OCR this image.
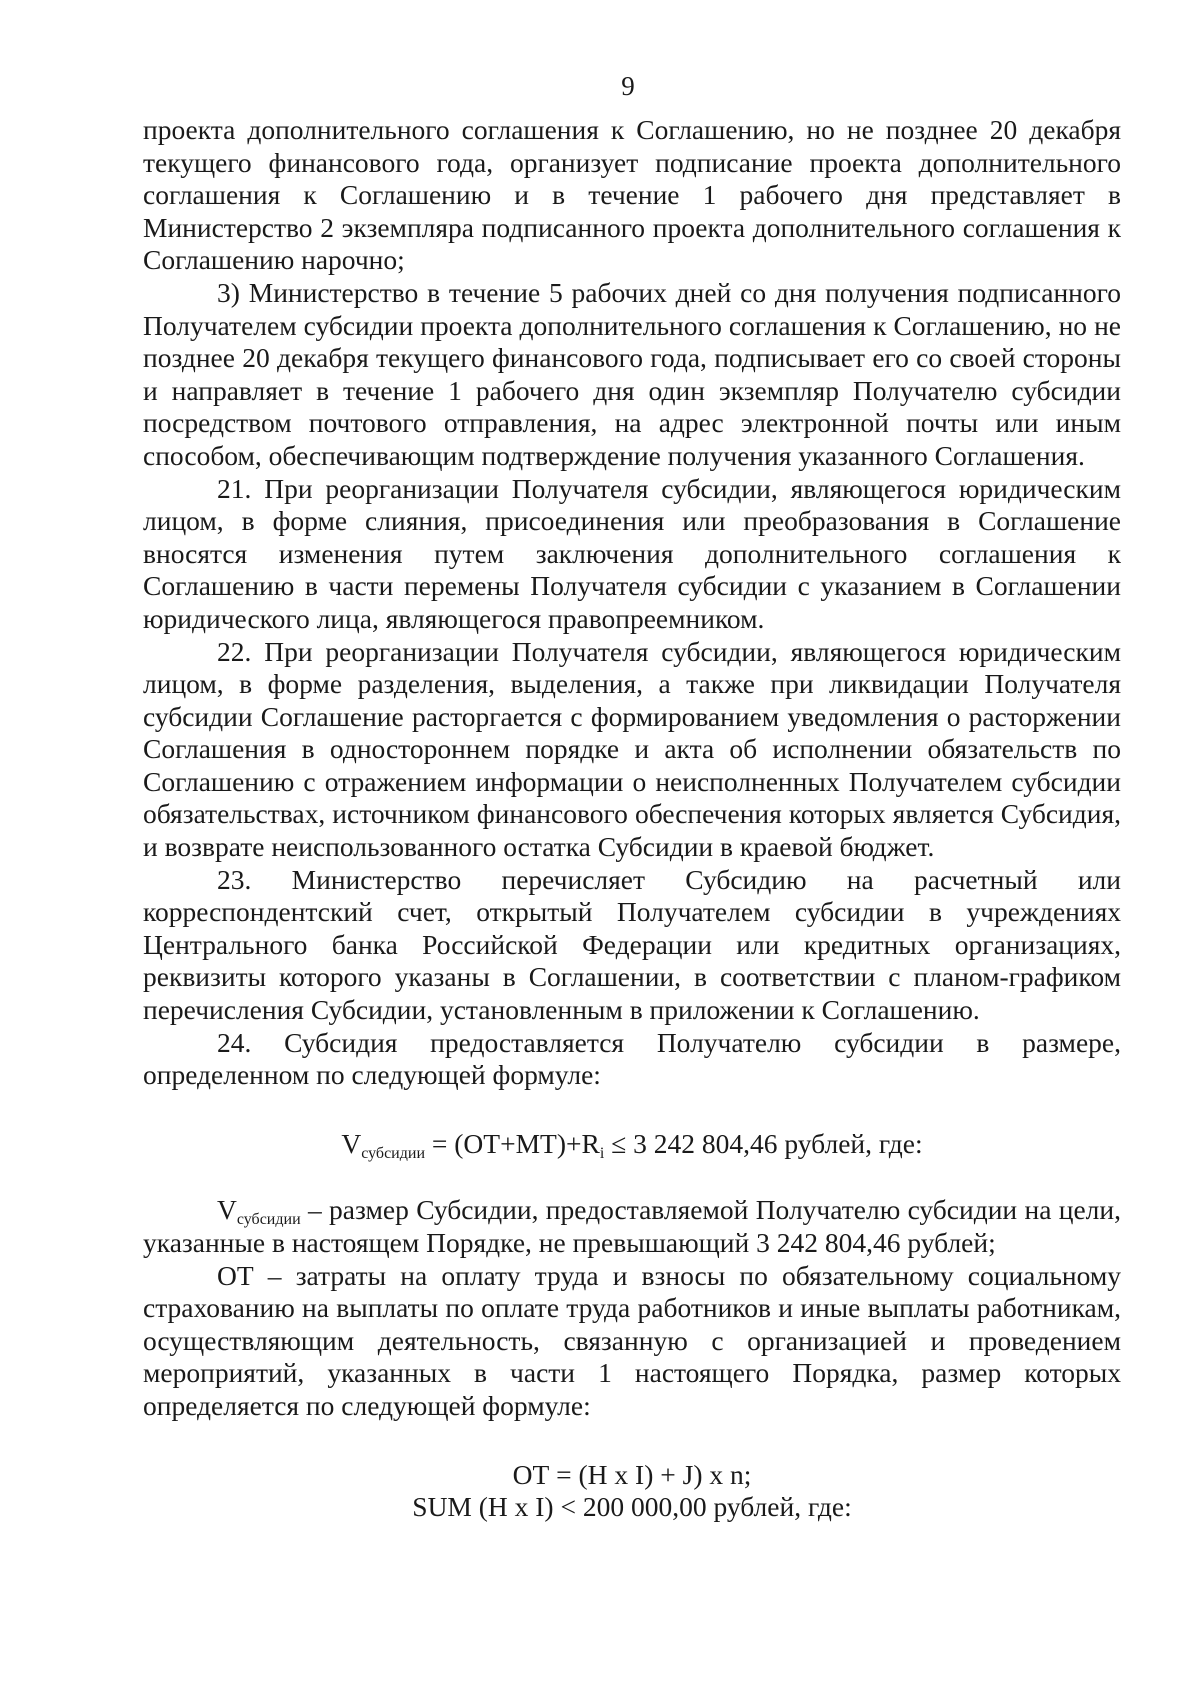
9

проекта дополнительного соглашения к Соглашению, но не позднее 20 декабря текущего финансового года, организует подписание проекта дополнительного соглашения к Соглашению и в течение 1 рабочего дня представляет в Министерство 2 экземпляра подписанного проекта дополнительного соглашения к Соглашению нарочно;

3) Министерство в течение 5 рабочих дней со дня получения подписанного Получателем субсидии проекта дополнительного соглашения к Соглашению, но не позднее 20 декабря текущего финансового года, подписывает его со своей стороны и направляет в течение 1 рабочего дня один экземпляр Получателю субсидии посредством почтового отправления, на адрес электронной почты или иным способом, обеспечивающим подтверждение получения указанного Соглашения.

21. При реорганизации Получателя субсидии, являющегося юридическим лицом, в форме слияния, присоединения или преобразования в Соглашение вносятся изменения путем заключения дополнительного соглашения к Соглашению в части перемены Получателя субсидии с указанием в Соглашении юридического лица, являющегося правопреемником.

22. При реорганизации Получателя субсидии, являющегося юридическим лицом, в форме разделения, выделения, а также при ликвидации Получателя субсидии Соглашение расторгается с формированием уведомления о расторжении Соглашения в одностороннем порядке и акта об исполнении обязательств по Соглашению с отражением информации о неисполненных Получателем субсидии обязательствах, источником финансового обеспечения которых является Субсидия, и возврате неиспользованного остатка Субсидии в краевой бюджет.

23. Министерство перечисляет Субсидию на расчетный или корреспондентский счет, открытый Получателем субсидии в учреждениях Центрального банка Российской Федерации или кредитных организациях, реквизиты которого указаны в Соглашении, в соответствии с планом-графиком перечисления Субсидии, установленным в приложении к Соглашению.

24. Субсидия предоставляется Получателю субсидии в размере, определенном по следующей формуле:

$V_{субсидии} = (ОТ+МТ)+R_i \le 3$ 242 804,46 рублей, где:

$V_{субсидии}$ – размер Субсидии, предоставляемой Получателю субсидии на цели, указанные в настоящем Порядке, не превышающий 3 242 804,46 рублей;

ОТ – затраты на оплату труда и взносы по обязательному социальному страхованию на выплаты по оплате труда работников и иные выплаты работникам, осуществляющим деятельность, связанную с организацией и проведением мероприятий, указанных в части 1 настоящего Порядка, размер которых определяется по следующей формуле:

ОТ = (Н х I) + J) х n;

SUM (Н х I) < 200 000,00 рублей, где:
